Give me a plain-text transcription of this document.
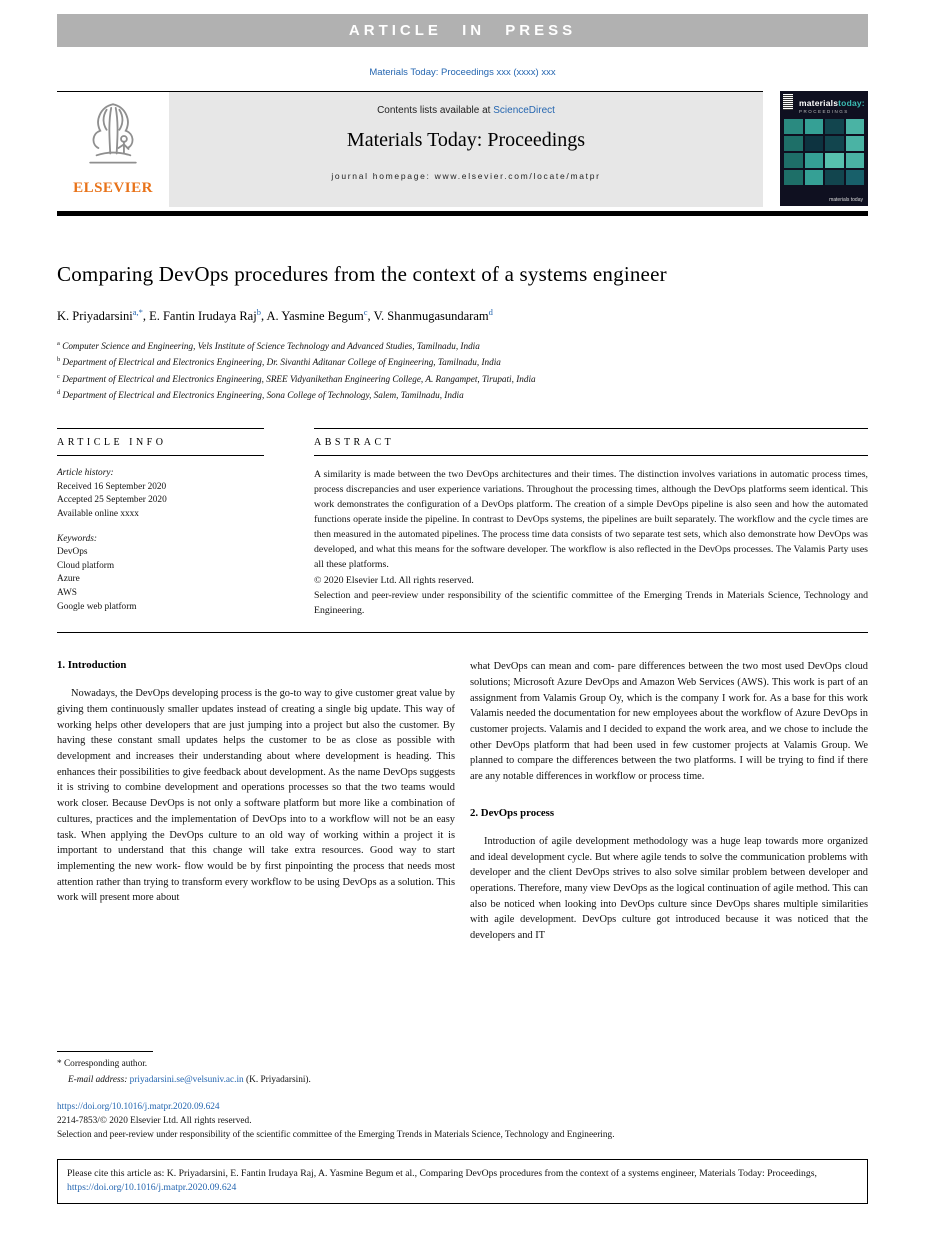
ARTICLE IN PRESS
Materials Today: Proceedings xxx (xxxx) xxx
ELSEVIER
Contents lists available at ScienceDirect
Materials Today: Proceedings
journal homepage: www.elsevier.com/locate/matpr
materialstoday:
PROCEEDINGS
materials today
Comparing DevOps procedures from the context of a systems engineer
K. Priyadarsini$^{a,*}$, E. Fantin Irudaya Raj$^b$, A. Yasmine Begum$^c$, V. Shanmugasundaram$^d$
$^a$ Computer Science and Engineering, Vels Institute of Science Technology and Advanced Studies, Tamilnadu, India
$^b$ Department of Electrical and Electronics Engineering, Dr. Sivanthi Aditanar College of Engineering, Tamilnadu, India
$^c$ Department of Electrical and Electronics Engineering, SREE Vidyanikethan Engineering College, A. Rangampet, Tirupati, India
$^d$ Department of Electrical and Electronics Engineering, Sona College of Technology, Salem, Tamilnadu, India
ARTICLE INFO
Article history:
Received 16 September 2020
Accepted 25 September 2020
Available online xxxx
Keywords:
DevOps
Cloud platform
Azure
AWS
Google web platform
ABSTRACT
A similarity is made between the two DevOps architectures and their times. The distinction involves variations in automatic process times, process discrepancies and user experience variations. Throughout the processing times, although the DevOps platforms seem identical. This work demonstrates the configuration of a DevOps platform. The creation of a simple DevOps pipeline is also seen and how the automated functions operate inside the pipeline. In contrast to DevOps systems, the pipelines are built separately. The workflow and the cycle times are then measured in the automated pipelines. The process time data consists of two separate test sets, which also demonstrate how DevOps was developed, and what this means for the software developer. The workflow is also reflected in the DevOps processes. The Valamis Party uses all these platforms.
© 2020 Elsevier Ltd. All rights reserved.
Selection and peer-review under responsibility of the scientific committee of the Emerging Trends in Materials Science, Technology and Engineering.
1. Introduction

Nowadays, the DevOps developing process is the go-to way to give customer great value by giving them continuously smaller updates instead of creating a single big update. This way of working helps other developers that are just jumping into a project but also the customer. By having these constant small updates helps the customer to be as close as possible with development and increases their understanding about where development is heading. This enhances their possibilities to give feedback about development. As the name DevOps suggests it is striving to combine development and operations processes so that the two teams would work closer. Because DevOps is not only a software platform but more like a combination of cultures, practices and the implementation of DevOps into to a workflow will not be an easy task. When applying the DevOps culture to an old way of working within a project it is important to understand that this change will take extra resources. Good way to start implementing the new work- flow would be by first pinpointing the process that needs most attention rather than trying to transform every workflow to be using DevOps as a solution. This work will present more about

* Corresponding author.
E-mail address: priyadarsini.se@velsuniv.ac.in (K. Priyadarsini).

what DevOps can mean and com- pare differences between the two most used DevOps cloud solutions; Microsoft Azure DevOps and Amazon Web Services (AWS). This work is part of an assignment from Valamis Group Oy, which is the company I work for. As a base for this work Valamis needed the documentation for new employees about the workflow of Azure DevOps in customer projects. Valamis and I decided to expand the work area, and we chose to include the other DevOps platform that had been used in few customer projects at Valamis Group. We planned to compare the differences between the two platforms. I will be trying to find if there are any notable differences in workflow or process time.

2. DevOps process

Introduction of agile development methodology was a huge leap towards more organized and ideal development cycle. But where agile tends to solve the communication problems with developer and the client DevOps strives to also solve similar problem between developer and operations. Therefore, many view DevOps as the logical continuation of agile method. This can also be noticed when looking into DevOps culture since DevOps shares multiple similarities with agile development. DevOps culture got introduced because it was noticed that the developers and IT

https://doi.org/10.1016/j.matpr.2020.09.624
2214-7853/© 2020 Elsevier Ltd. All rights reserved.
Selection and peer-review under responsibility of the scientific committee of the Emerging Trends in Materials Science, Technology and Engineering.
Please cite this article as: K. Priyadarsini, E. Fantin Irudaya Raj, A. Yasmine Begum et al., Comparing DevOps procedures from the context of a systems engineer, Materials Today: Proceedings, https://doi.org/10.1016/j.matpr.2020.09.624
